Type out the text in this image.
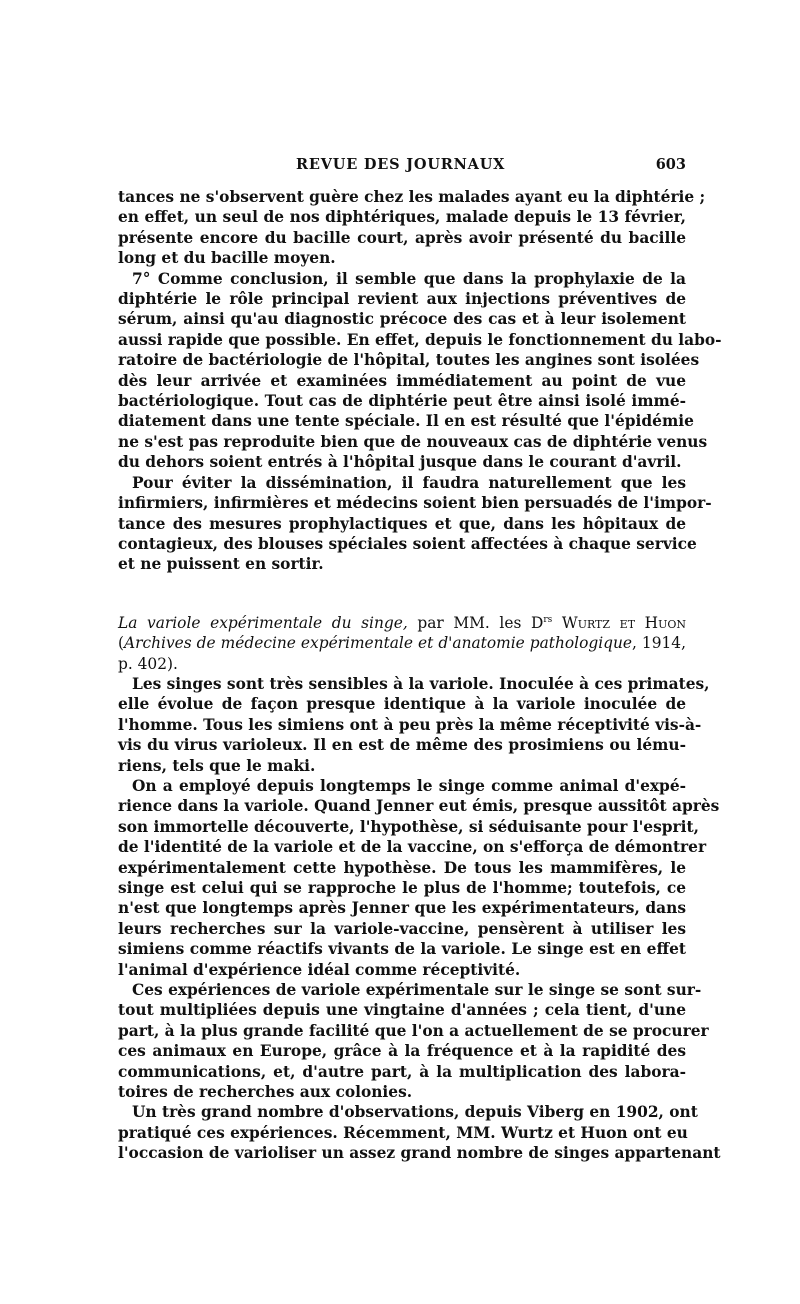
REVUE DES JOURNAUX	603

tances ne s'observent guère chez les malades ayant eu la diphtérie ;
en effet, un seul de nos diphtériques, malade depuis le 13 février,
présente encore du bacille court, après avoir présenté du bacille
long et du bacille moyen.

7° Comme conclusion, il semble que dans la prophylaxie de la
diphtérie le rôle principal revient aux injections préventives de
sérum, ainsi qu'au diagnostic précoce des cas et à leur isolement
aussi rapide que possible. En effet, depuis le fonctionnement du labo-
ratoire de bactériologie de l'hôpital, toutes les angines sont isolées
dès leur arrivée et examinées immédiatement au point de vue
bactériologique. Tout cas de diphtérie peut être ainsi isolé immé-
diatement dans une tente spéciale. Il en est résulté que l'épidémie
ne s'est pas reproduite bien que de nouveaux cas de diphtérie venus
du dehors soient entrés à l'hôpital jusque dans le courant d'avril.

Pour éviter la dissémination, il faudra naturellement que les
infirmiers, infirmières et médecins soient bien persuadés de l'impor-
tance des mesures prophylactiques et que, dans les hôpitaux de
contagieux, des blouses spéciales soient affectées à chaque service
et ne puissent en sortir.

La variole expérimentale du singe, par MM. les $D^{rs}$ Wurtz et Huon
(Archives de médecine expérimentale et d'anatomie pathologique, 1914,
p. 402).

Les singes sont très sensibles à la variole. Inoculée à ces primates,
elle évolue de façon presque identique à la variole inoculée de
l'homme. Tous les simiens ont à peu près la même réceptivité vis-à-
vis du virus varioleux. Il en est de même des prosimiens ou lému-
riens, tels que le maki.

On a employé depuis longtemps le singe comme animal d'expé-
rience dans la variole. Quand Jenner eut émis, presque aussitôt après
son immortelle découverte, l'hypothèse, si séduisante pour l'esprit,
de l'identité de la variole et de la vaccine, on s'efforça de démontrer
expérimentalement cette hypothèse. De tous les mammifères, le
singe est celui qui se rapproche le plus de l'homme; toutefois, ce
n'est que longtemps après Jenner que les expérimentateurs, dans
leurs recherches sur la variole-vaccine, pensèrent à utiliser les
simiens comme réactifs vivants de la variole. Le singe est en effet
l'animal d'expérience idéal comme réceptivité.

Ces expériences de variole expérimentale sur le singe se sont sur-
tout multipliées depuis une vingtaine d'années ; cela tient, d'une
part, à la plus grande facilité que l'on a actuellement de se procurer
ces animaux en Europe, grâce à la fréquence et à la rapidité des
communications, et, d'autre part, à la multiplication des labora-
toires de recherches aux colonies.

Un très grand nombre d'observations, depuis Viberg en 1902, ont
pratiqué ces expériences. Récemment, MM. Wurtz et Huon ont eu
l'occasion de varioliser un assez grand nombre de singes appartenant
